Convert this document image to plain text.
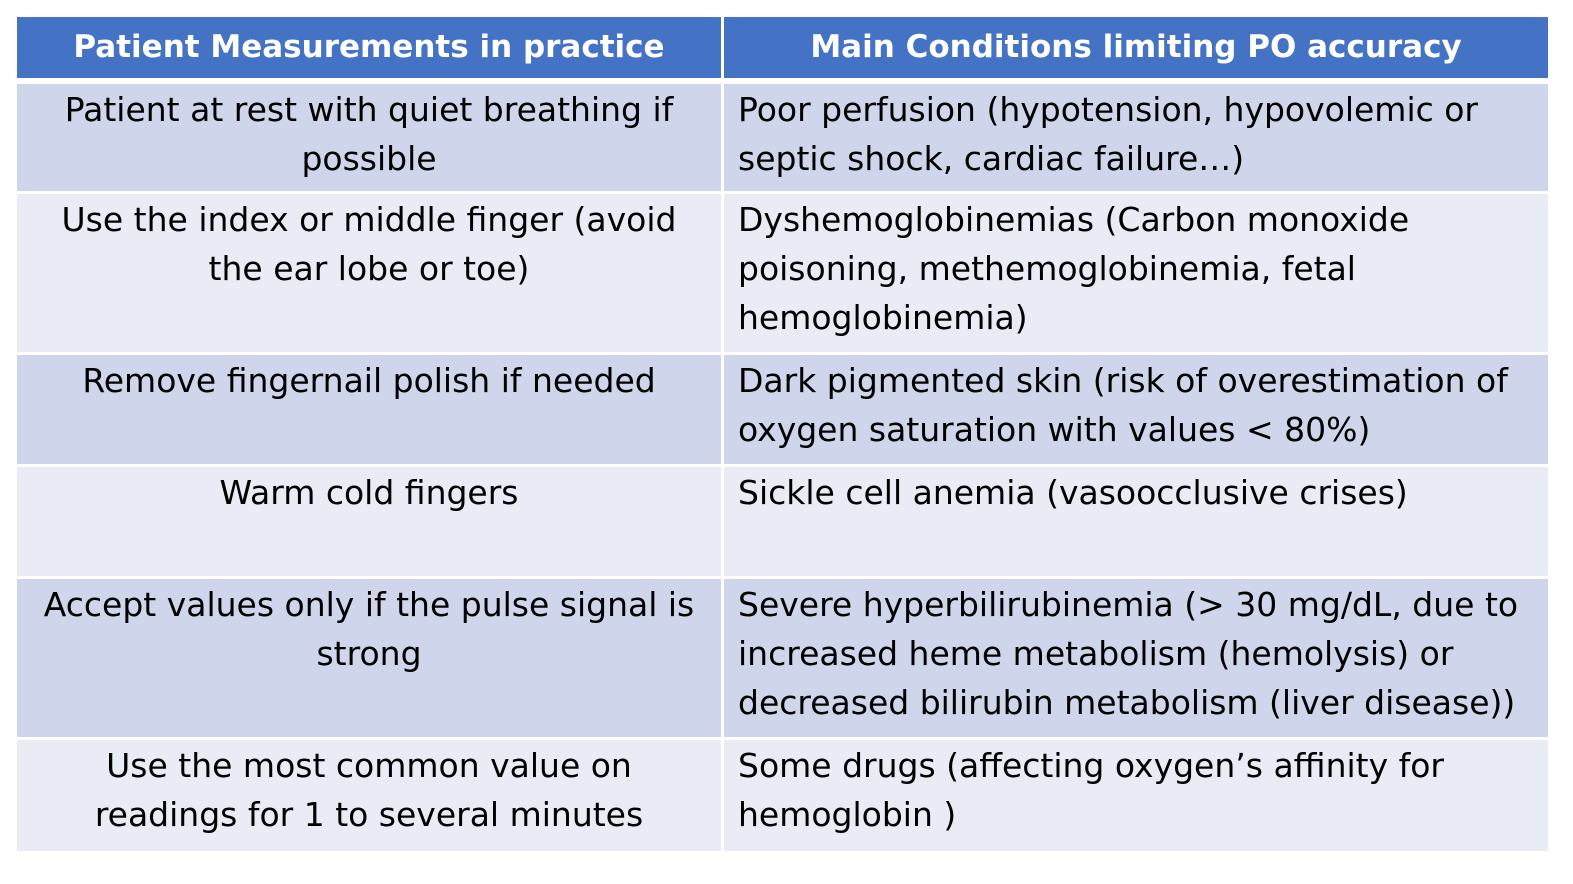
Patient Measurements in practice	Main Conditions limiting PO accuracy
Patient at rest with quiet breathing if possible	Poor perfusion (hypotension, hypovolemic or septic shock, cardiac failure…)
Use the index or middle finger (avoid the ear lobe or toe)	Dyshemoglobinemias (Carbon monoxide poisoning, methemoglobinemia, fetal hemoglobinemia)
Remove fingernail polish if needed	Dark pigmented skin (risk of overestimation of oxygen saturation with values < 80%)
Warm cold fingers	Sickle cell anemia (vasoocclusive crises)
Accept values only if the pulse signal is strong	Severe hyperbilirubinemia (> 30 mg/dL, due to increased heme metabolism (hemolysis) or decreased bilirubin metabolism (liver disease))
Use the most common value on readings for 1 to several minutes	Some drugs (affecting oxygen’s affinity for hemoglobin )
